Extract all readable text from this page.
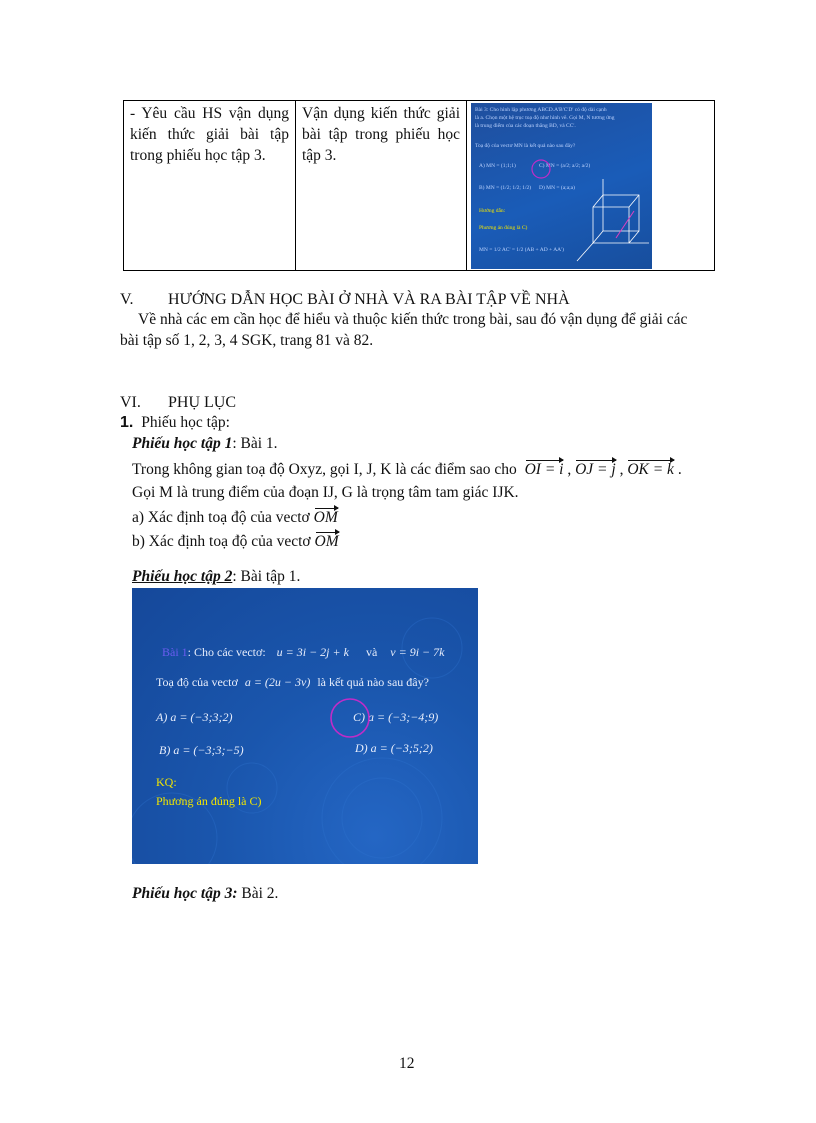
- Yêu cầu HS vận dụng kiến thức giải bài tập trong phiếu học tập 3.

Vận dụng kiến thức giải bài tập trong phiếu học tập 3.

Bài 3: Cho hình lập phương ABCD.A'B'C'D' có độ dài cạnh
là a. Chọn một hệ trục toạ độ như hình vẽ. Gọi M, N tương ứng
là trung điểm của các đoạn thẳng BD, và CC'.
Toạ độ của vectơ MN là kết quả nào sau đây?
A) MN = (1;1;1)	C) MN = (a/2; a/2; a/2)
B) MN = (1/2; 1/2; 1/2) D) MN = (a;a;a)
Hướng dẫn:
Phương án đúng là C)
MN = 1/2 AC' = 1/2 (AB + AD + AA')
V. HƯỚNG DẪN HỌC BÀI Ở NHÀ VÀ RA BÀI TẬP VỀ NHÀ
Về nhà các em cần học để hiểu và thuộc kiến thức trong bài, sau đó vận dụng để giải các
bài tập số 1, 2, 3, 4 SGK, trang 81 và 82.
VI. PHỤ LỤC
1. Phiếu học tập:
Phiếu học tập 1: Bài 1.
Trong không gian toạ độ Oxyz, gọi I, J, K là các điểm sao cho OI = i , OJ = j , OK = k .
Gọi M là trung điểm của đoạn IJ, G là trọng tâm tam giác IJK.
a) Xác định toạ độ của vectơ OM
b) Xác định toạ độ của vectơ OM
Phiếu học tập 2: Bài tập 1.
Bài 1: Cho các vectơ: u = 3i − 2j + k và v = 9i − 7k
Toạ độ của vectơ a = (2u − 3v) là kết quả nào sau đây?
A) a = (−3;3;2)	C) a = (−3;−4;9)
B) a = (−3;3;−5)	D) a = (−3;5;2)
KQ:
Phương án đúng là C)
Phiếu học tập 3: Bài 2.
12
